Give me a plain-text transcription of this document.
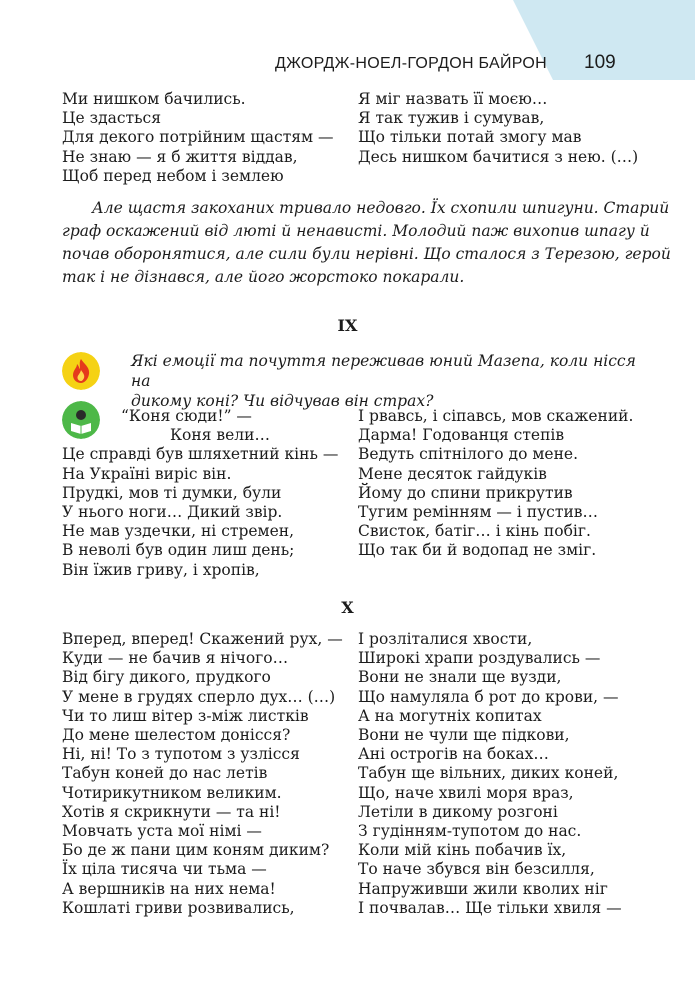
ДЖОРДЖ-НОЕЛ-ГОРДОН БАЙРОН 109
Ми нишком бачились.
Це здасться
Для декого потрійним щастям —
Не знаю — я б життя віддав,
Щоб перед небом і землею
Я міг назвать її моєю…
Я так тужив і сумував,
Що тільки потай змогу мав
Десь нишком бачитися з нею. (…)
Але щастя закоханих тривало недовго. Їх схопили шпигуни. Старий
граф оскажений від люті й ненависті. Молодий паж вихопив шпагу й
почав оборонятися, але сили були нерівні. Що сталося з Терезою, герой
так і не дізнався, але його жорстоко покарали.
IX
Які емоції та почуття переживав юний Мазепа, коли нісся на
дикому коні? Чи відчував він страх?
“Коня сюди!” —
Коня вели…
Це справді був шляхетний кінь —
На Україні виріс він.
Прудкі, мов ті думки, були
У нього ноги… Дикий звір.
Не мав уздечки, ні стремен,
В неволі був один лиш день;
Він їжив гриву, і хропів,
І рвавсь, і сіпавсь, мов скажений.
Дарма! Годованця степів
Ведуть спітнілого до мене.
Мене десяток гайдуків
Йому до спини прикрутив
Тугим ремінням — і пустив…
Свисток, батіг… і кінь побіг.
Що так би й водопад не зміг.
X
Вперед, вперед! Скажений рух, —
Куди — не бачив я нічого…
Від бігу дикого, прудкого
У мене в грудях сперло дух… (…)
Чи то лиш вітер з-між листків
До мене шелестом донісся?
Ні, ні! То з тупотом з узлісся
Табун коней до нас летів
Чотирикутником великим.
Хотів я скрикнути — та ні!
Мовчать уста мої німі —
Бо де ж пани цим коням диким?
Їх ціла тисяча чи тьма —
А вершників на них нема!
Кошлаті гриви розвивались,
І розліталися хвости,
Широкі храпи роздувались —
Вони не знали ще вузди,
Що намуляла б рот до крови, —
А на могутніх копитах
Вони не чули ще підкови,
Ані острогів на боках…
Табун ще вільних, диких коней,
Що, наче хвилі моря враз,
Летіли в дикому розгоні
З гудінням-тупотом до нас.
Коли мій кінь побачив їх,
То наче збувся він безсилля,
Напруживши жили кволих ніг
І почвалав… Ще тільки хвиля —
